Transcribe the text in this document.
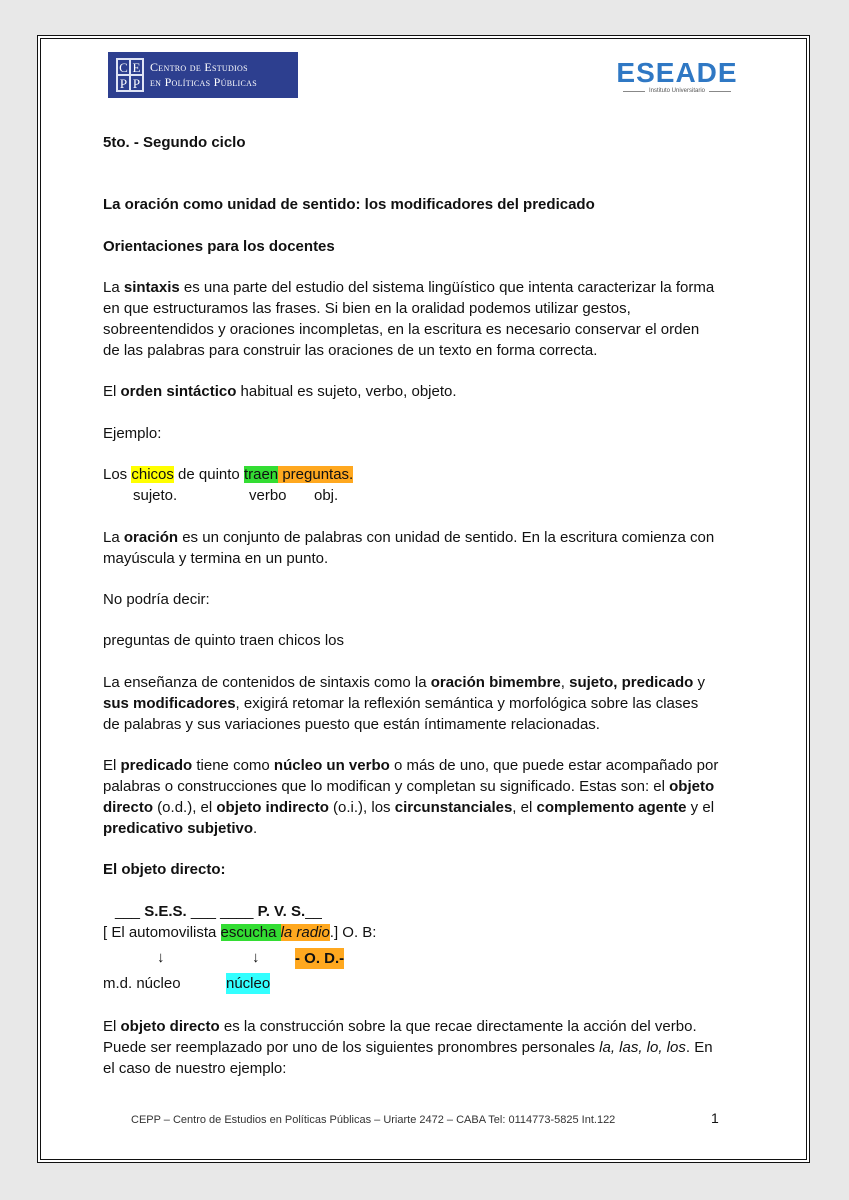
C E
P P
Centro de Estudios
en Políticas Públicas	ESEADE
Instituto Universitario
5to. - Segundo ciclo
La oración como unidad de sentido: los modificadores del predicado
Orientaciones para los docentes
La sintaxis es una parte del estudio del sistema lingüístico que intenta caracterizar la forma
en que estructuramos las frases. Si bien en la oralidad podemos utilizar gestos,
sobreentendidos y oraciones incompletas, en la escritura es necesario conservar el orden
de las palabras para construir las oraciones de un texto en forma correcta.
El orden sintáctico habitual es sujeto, verbo, objeto.
Ejemplo:
Los chicos de quinto traen preguntas.
sujeto.	verbo obj.
La oración es un conjunto de palabras con unidad de sentido. En la escritura comienza con
mayúscula y termina en un punto.
No podría decir:
preguntas de quinto traen chicos los
La enseñanza de contenidos de sintaxis como la oración bimembre, sujeto, predicado y
sus modificadores, exigirá retomar la reflexión semántica y morfológica sobre las clases
de palabras y sus variaciones puesto que están íntimamente relacionadas.
El predicado tiene como núcleo un verbo o más de uno, que puede estar acompañado por
palabras o construcciones que lo modifican y completan su significado. Estas son: el objeto
directo (o.d.), el objeto indirecto (o.i.), los circunstanciales, el complemento agente y el
predicativo subjetivo.
El objeto directo:
___ S.E.S. ___ ____ P. V. S.__
[ El automovilista escucha la radio.] O. B:
↓	↓ - O. D.-
m.d. núcleo	núcleo
El objeto directo es la construcción sobre la que recae directamente la acción del verbo.
Puede ser reemplazado por uno de los siguientes pronombres personales la, las, lo, los. En
el caso de nuestro ejemplo:
CEPP – Centro de Estudios en Políticas Públicas – Uriarte 2472 – CABA Tel: 0114773-5825 Int.122	1
